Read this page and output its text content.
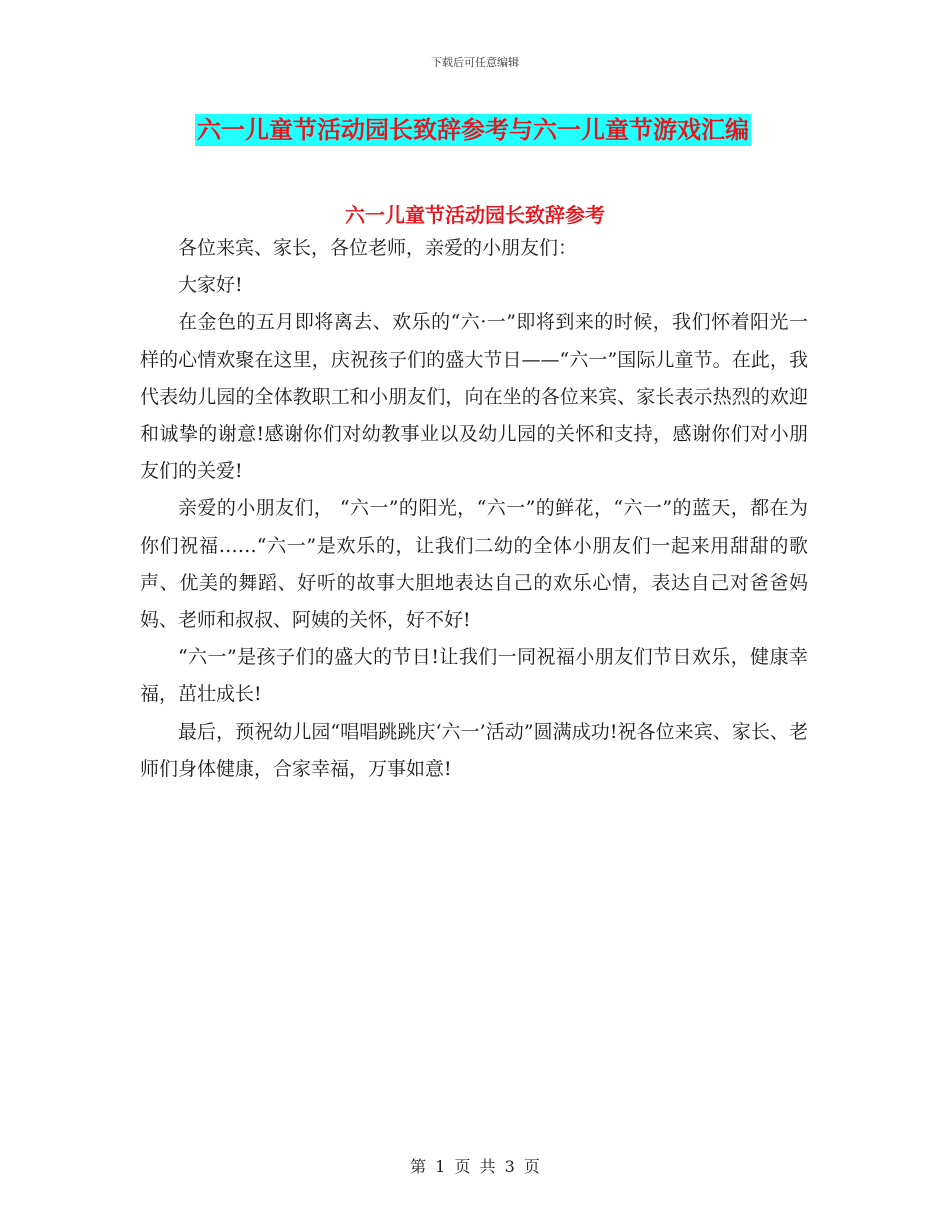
下载后可任意编辑
六一儿童节活动园长致辞参考与六一儿童节游戏汇编
六一儿童节活动园长致辞参考

各位来宾、家长，各位老师，亲爱的小朋友们：

大家好!

在金色的五月即将离去、欢乐的“六·一”即将到来的时候，我们怀着阳光一样的心情欢聚在这里，庆祝孩子们的盛大节日——“六一”国际儿童节。在此，我代表幼儿园的全体教职工和小朋友们，向在坐的各位来宾、家长表示热烈的欢迎和诚挚的谢意!感谢你们对幼教事业以及幼儿园的关怀和支持，感谢你们对小朋友们的关爱!

亲爱的小朋友们， “六一”的阳光，“六一”的鲜花，“六一”的蓝天，都在为你们祝福……“六一”是欢乐的，让我们二幼的全体小朋友们一起来用甜甜的歌声、优美的舞蹈、好听的故事大胆地表达自己的欢乐心情，表达自己对爸爸妈妈、老师和叔叔、阿姨的关怀，好不好!

“六一”是孩子们的盛大的节日!让我们一同祝福小朋友们节日欢乐，健康幸福，茁壮成长!

最后，预祝幼儿园“唱唱跳跳庆‘六一’活动”圆满成功!祝各位来宾、家长、老师们身体健康，合家幸福，万事如意!

第 1 页 共 3 页
